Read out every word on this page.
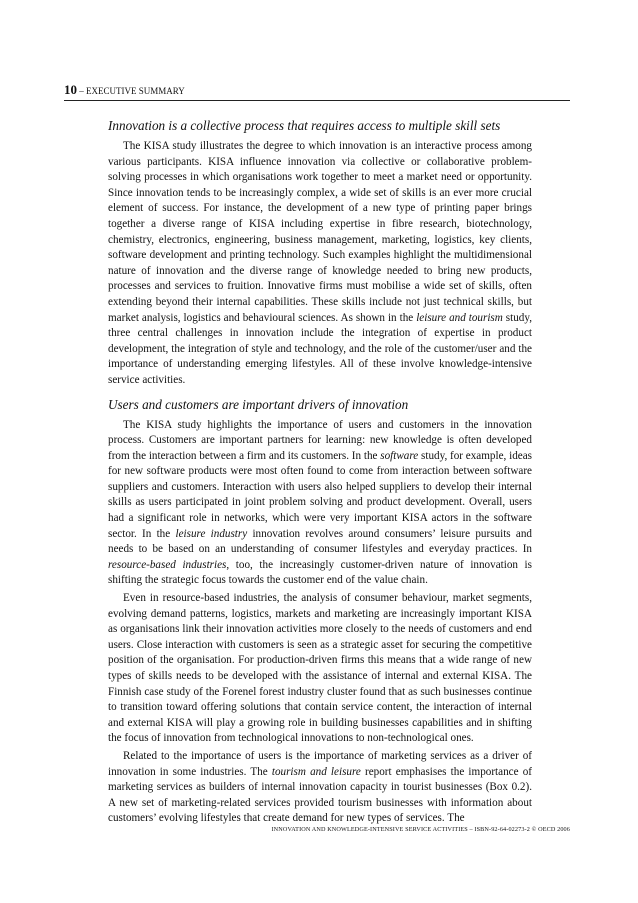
10 – EXECUTIVE SUMMARY
Innovation is a collective process that requires access to multiple skill sets

The KISA study illustrates the degree to which innovation is an interactive process among various participants. KISA influence innovation via collective or collaborative problem-solving processes in which organisations work together to meet a market need or opportunity. Since innovation tends to be increasingly complex, a wide set of skills is an ever more crucial element of success. For instance, the development of a new type of printing paper brings together a diverse range of KISA including expertise in fibre research, biotechnology, chemistry, electronics, engineering, business management, marketing, logistics, key clients, software development and printing technology. Such examples highlight the multidimensional nature of innovation and the diverse range of knowledge needed to bring new products, processes and services to fruition. Innovative firms must mobilise a wide set of skills, often extending beyond their internal capabilities. These skills include not just technical skills, but market analysis, logistics and behavioural sciences. As shown in the leisure and tourism study, three central challenges in innovation include the integration of expertise in product development, the integration of style and technology, and the role of the customer/user and the importance of understanding emerging lifestyles. All of these involve knowledge-intensive service activities.

Users and customers are important drivers of innovation

The KISA study highlights the importance of users and customers in the innovation process. Customers are important partners for learning: new knowledge is often developed from the interaction between a firm and its customers. In the software study, for example, ideas for new software products were most often found to come from interaction between software suppliers and customers. Interaction with users also helped suppliers to develop their internal skills as users participated in joint problem solving and product development. Overall, users had a significant role in networks, which were very important KISA actors in the software sector. In the leisure industry innovation revolves around consumers’ leisure pursuits and needs to be based on an understanding of consumer lifestyles and everyday practices. In resource-based industries, too, the increasingly customer-driven nature of innovation is shifting the strategic focus towards the customer end of the value chain.

Even in resource-based industries, the analysis of consumer behaviour, market segments, evolving demand patterns, logistics, markets and marketing are increasingly important KISA as organisations link their innovation activities more closely to the needs of customers and end users. Close interaction with customers is seen as a strategic asset for securing the competitive position of the organisation. For production-driven firms this means that a wide range of new types of skills needs to be developed with the assistance of internal and external KISA. The Finnish case study of the Forenel forest industry cluster found that as such businesses continue to transition toward offering solutions that contain service content, the interaction of internal and external KISA will play a growing role in building businesses capabilities and in shifting the focus of innovation from technological innovations to non-technological ones.

Related to the importance of users is the importance of marketing services as a driver of innovation in some industries. The tourism and leisure report emphasises the importance of marketing services as builders of internal innovation capacity in tourist businesses (Box 0.2). A new set of marketing-related services provided tourism businesses with information about customers’ evolving lifestyles that create demand for new types of services. The

INNOVATION AND KNOWLEDGE-INTENSIVE SERVICE ACTIVITIES – ISBN-92-64-02273-2 © OECD 2006
